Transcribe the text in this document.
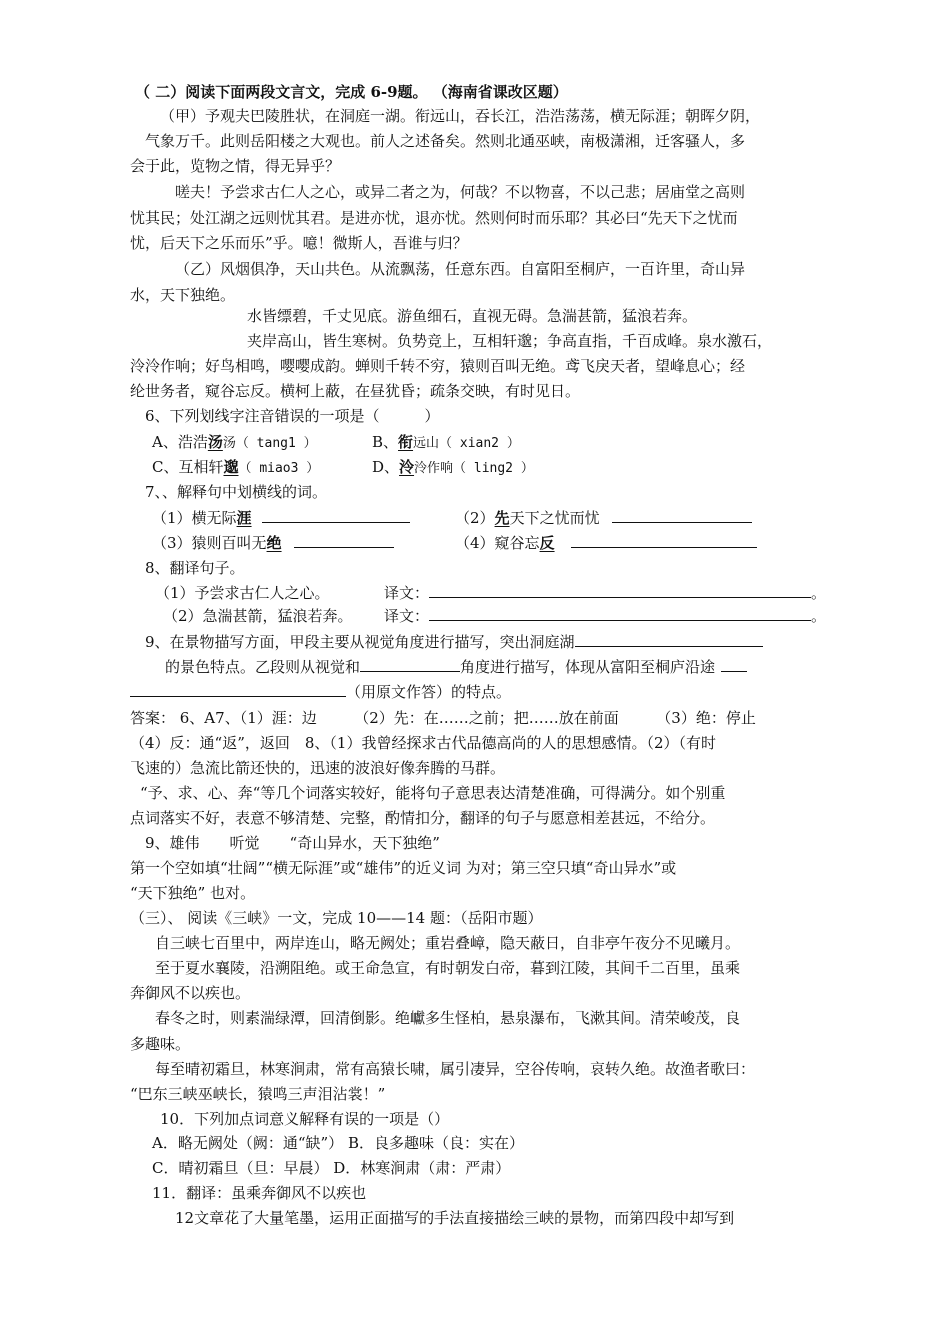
（ 二）阅读下面两段文言文，完成 6-9题。 （海南省课改区题）
（甲）予观夫巴陵胜状，在洞庭一湖。衔远山，吞长江，浩浩荡荡，横无际涯；朝晖夕阴，
气象万千。此则岳阳楼之大观也。前人之述备矣。然则北通巫峡，南极潇湘，迁客骚人，多
会于此，览物之情，得无异乎？
嗟夫！予尝求古仁人之心，或异二者之为，何哉？不以物喜，不以己悲；居庙堂之高则
忧其民；处江湖之远则忧其君。是进亦忧，退亦忧。然则何时而乐耶？其必曰“先天下之忧而
忧，后天下之乐而乐”乎。噫！微斯人，吾谁与归？
（乙）风烟俱净，天山共色。从流飘荡，任意东西。自富阳至桐庐，一百许里，奇山异
水，天下独绝。
水皆缥碧，千丈见底。游鱼细石，直视无碍。急湍甚箭，猛浪若奔。
夹岸高山，皆生寒树。负势竞上，互相轩邈；争高直指，千百成峰。泉水激石，
泠泠作响；好鸟相鸣，嘤嘤成韵。蝉则千转不穷，猿则百叫无绝。鸢飞戾天者，望峰息心；经
纶世务者，窥谷忘反。横柯上蔽，在昼犹昏；疏条交映，有时见日。
6、下列划线字注音错误的一项是（　　　）
A、浩浩汤汤（ tang1 ）	B、衔远山（ xian2 ）
C、互相轩邈（ miao3 ）	D、泠泠作响（ ling2 ）
7、、解释句中划横线的词。
（1）横无际涯	（2）先天下之忧而忧
（3）猿则百叫无绝	（4）窥谷忘反
8、翻译句子。
（1）予尝求古仁人之心。	译文：	。
（2）急湍甚箭，猛浪若奔。 译文：	。
9、在景物描写方面，甲段主要从视觉角度进行描写，突出洞庭湖
的景色特点。乙段则从视觉和	角度进行描写，体现从富阳至桐庐沿途
（用原文作答）的特点。
答案： 6、A7、（1）涯：边　　　（2）先：在……之前；把……放在前面　　　（3）绝：停止
（4）反：通“返”，返回　8、（1）我曾经探求古代品德高尚的人的思想感情。（2）（有时
飞速的）急流比箭还快的，迅速的波浪好像奔腾的马群。
“予、求、心、奔“等几个词落实较好，能将句子意思表达清楚准确，可得满分。如个别重
点词落实不好，表意不够清楚、完整，酌情扣分，翻译的句子与愿意相差甚远，不给分。
9、雄伟　　听觉　　“奇山异水，天下独绝”
第一个空如填“壮阔”“横无际涯”或“雄伟”的近义词 为对；第三空只填“奇山异水”或
“天下独绝” 也对。
（三）、 阅读《三峡》一文，完成 10——14 题：（岳阳市题）
自三峡七百里中，两岸连山，略无阙处；重岩叠嶂，隐天蔽日，自非亭午夜分不见曦月。
至于夏水襄陵，沿溯阻绝。或王命急宣，有时朝发白帝，暮到江陵，其间千二百里，虽乘
奔御风不以疾也。
春冬之时，则素湍绿潭，回清倒影。绝巘多生怪柏，悬泉瀑布，飞漱其间。清荣峻茂，良
多趣味。
每至晴初霜旦，林寒涧肃，常有高猿长啸，属引凄异，空谷传响，哀转久绝。故渔者歌曰：
“巴东三峡巫峡长，猿鸣三声泪沾裳！”
10．下列加点词意义解释有误的一项是（）
A．略无阙处（阙：通“缺”） B．良多趣味（良：实在）
C．晴初霜旦（旦：早晨） D．林寒涧肃（肃：严肃）
11．翻译：虽乘奔御风不以疾也
12文章花了大量笔墨，运用正面描写的手法直接描绘三峡的景物，而第四段中却写到
